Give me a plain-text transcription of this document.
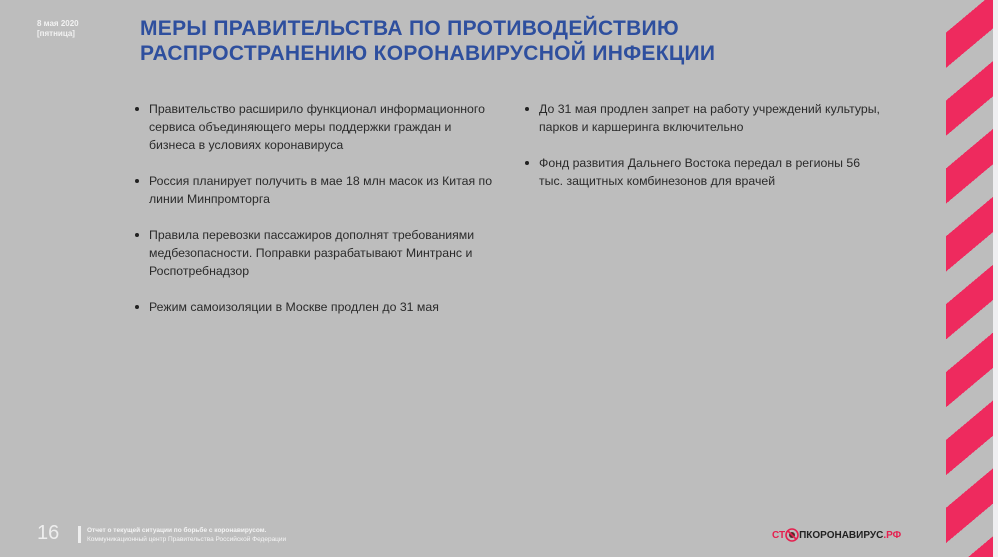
8 мая 2020
[пятница]	МЕРЫ ПРАВИТЕЛЬСТВА ПО ПРОТИВОДЕЙСТВИЮ
РАСПРОСТРАНЕНИЮ КОРОНАВИРУСНОЙ ИНФЕКЦИИ
Правительство расширило функционал информационного сервиса объединяющего меры поддержки граждан и бизнеса в условиях коронавируса
Россия планирует получить в мае 18 млн масок из Китая по линии Минпромторга
Правила перевозки пассажиров дополнят требованиями медбезопасности. Поправки разрабатывают Минтранс и Роспотребнадзор
Режим самоизоляции в Москве продлен до 31 мая
До 31 мая продлен запрет на работу учреждений культуры, парков и каршеринга включительно
Фонд развития Дальнего Востока передал в регионы 56 тыс. защитных комбинезонов для врачей
16	Отчет о текущей ситуации по борьбе с коронавирусом.
Коммуникационный центр Правительства Российской Федерации	СТ ПКОРОНАВИРУС .РФ
